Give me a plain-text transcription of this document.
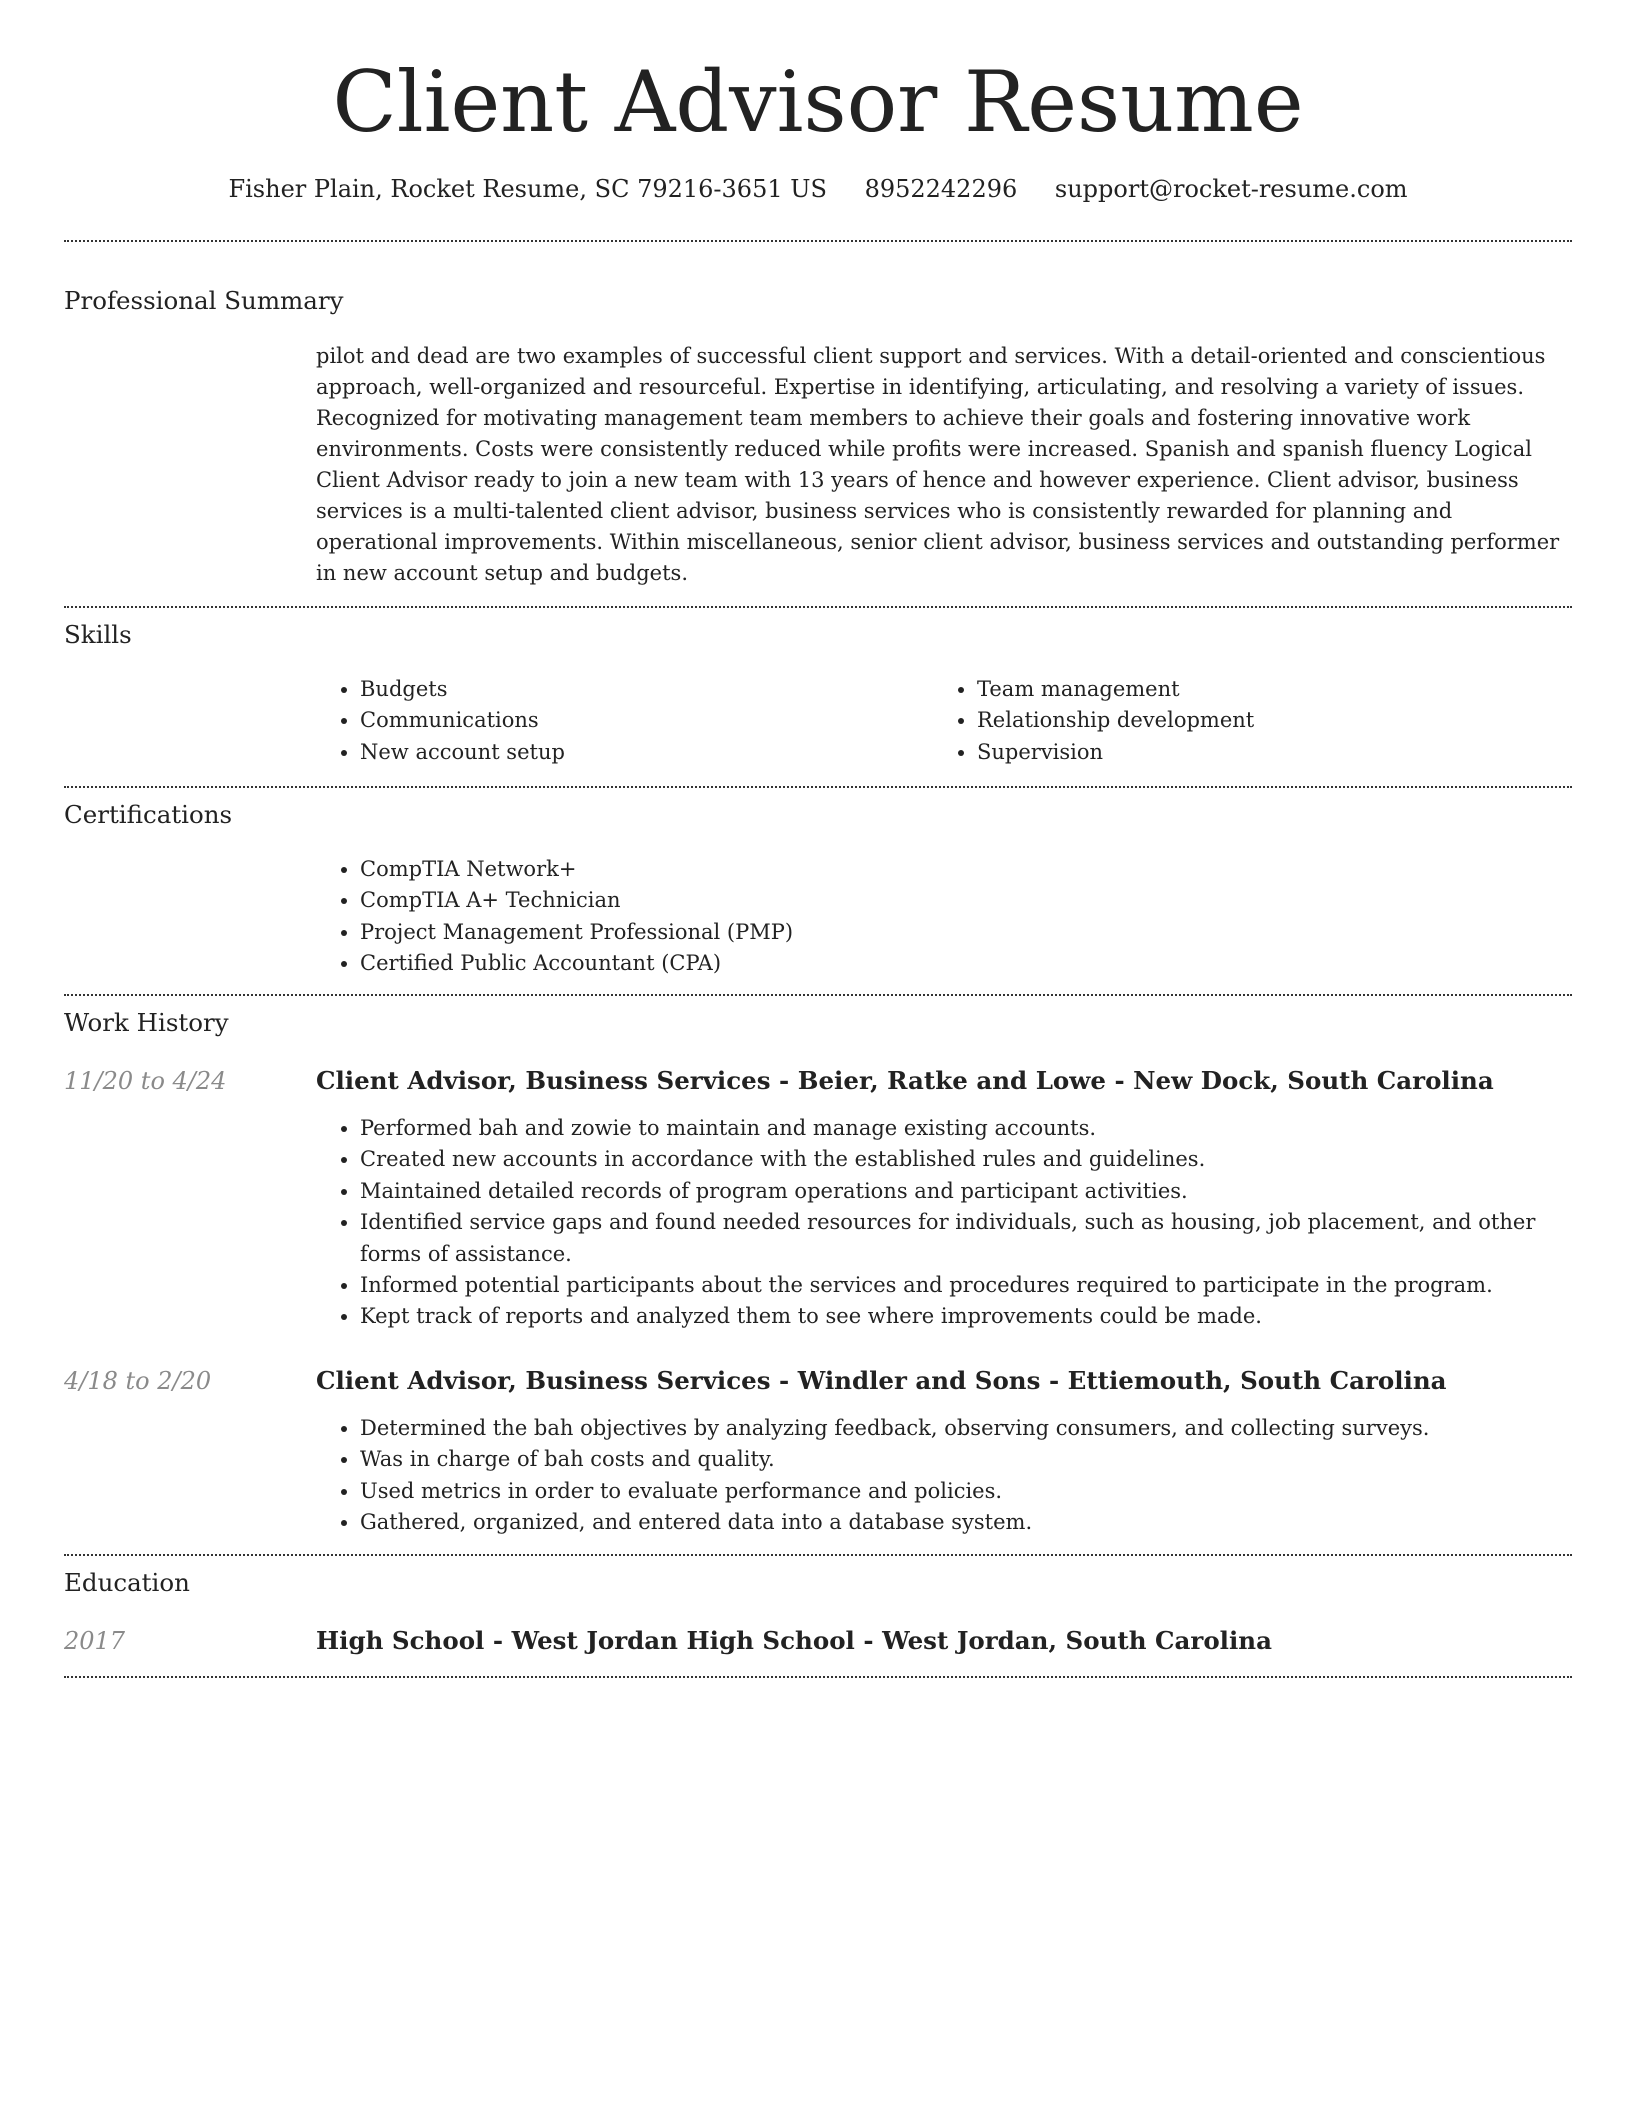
Client Advisor Resume
Fisher Plain, Rocket Resume, SC 79216-3651 US 8952242296 support@rocket-resume.com
Professional Summary

pilot and dead are two examples of successful client support and services. With a detail-oriented and conscientious approach, well-organized and resourceful. Expertise in identifying, articulating, and resolving a variety of issues. Recognized for motivating management team members to achieve their goals and fostering innovative work environments. Costs were consistently reduced while profits were increased. Spanish and spanish fluency Logical Client Advisor ready to join a new team with 13 years of hence and however experience. Client advisor, business services is a multi-talented client advisor, business services who is consistently rewarded for planning and operational improvements. Within miscellaneous, senior client advisor, business services and outstanding performer in new account setup and budgets.

Skills
• Budgets
• Communications
• New account setup
• Team management
• Relationship development
• Supervision
Certifications
• CompTIA Network+
• CompTIA A+ Technician
• Project Management Professional (PMP)
• Certified Public Accountant (CPA)
Work History
11/20 to 4/24	Client Advisor, Business Services - Beier, Ratke and Lowe - New Dock, South Carolina
• Performed bah and zowie to maintain and manage existing accounts.
• Created new accounts in accordance with the established rules and guidelines.
• Maintained detailed records of program operations and participant activities.
• Identified service gaps and found needed resources for individuals, such as housing, job placement, and other forms of assistance.
• Informed potential participants about the services and procedures required to participate in the program.
• Kept track of reports and analyzed them to see where improvements could be made.
4/18 to 2/20	Client Advisor, Business Services - Windler and Sons - Ettiemouth, South Carolina
• Determined the bah objectives by analyzing feedback, observing consumers, and collecting surveys.
• Was in charge of bah costs and quality.
• Used metrics in order to evaluate performance and policies.
• Gathered, organized, and entered data into a database system.
Education
2017	High School - West Jordan High School - West Jordan, South Carolina
